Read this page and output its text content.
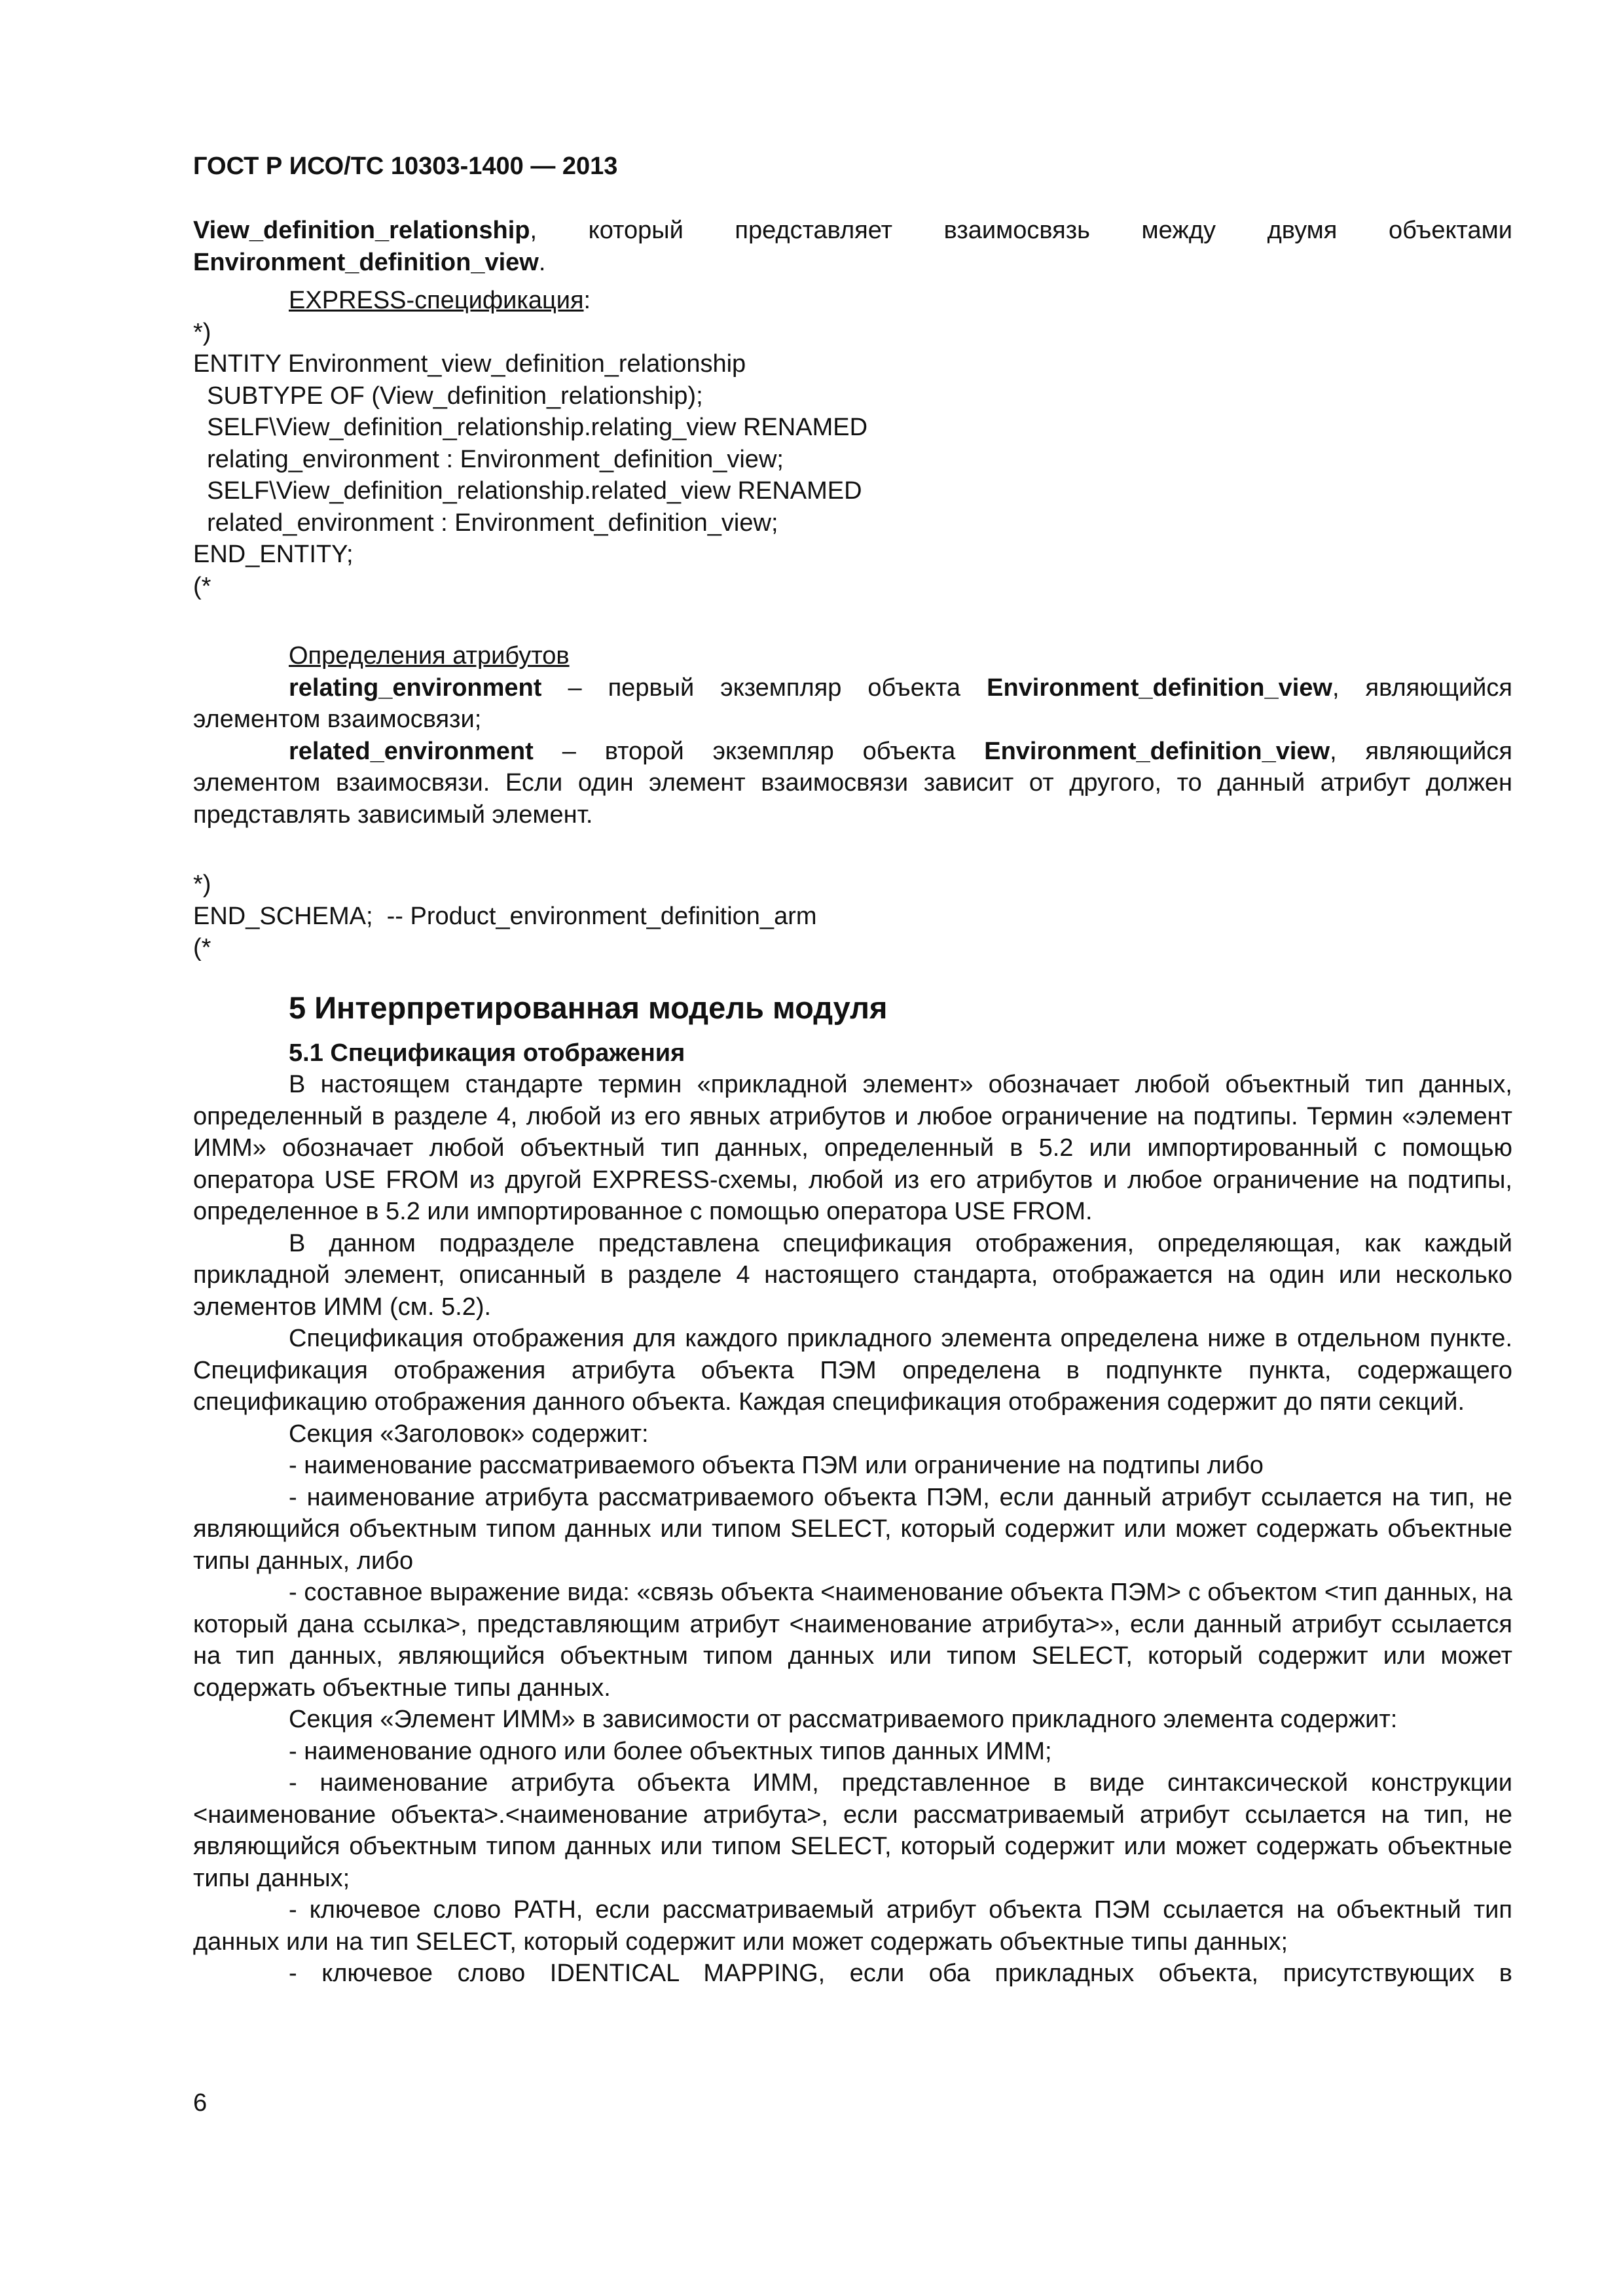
ГОСТ Р ИСО/ТС 10303-1400 — 2013

View_definition_relationship, который представляет взаимосвязь между двумя объектами Environment_definition_view.

EXPRESS-спецификация:

*)

ENTITY Environment_view_definition_relationship

SUBTYPE OF (View_definition_relationship);

SELF\View_definition_relationship.relating_view RENAMED

relating_environment : Environment_definition_view;

SELF\View_definition_relationship.related_view RENAMED

related_environment : Environment_definition_view;

END_ENTITY;

(*

Определения атрибутов

relating_environment – первый экземпляр объекта Environment_definition_view, являющийся элементом взаимосвязи;

related_environment – второй экземпляр объекта Environment_definition_view, являющийся элементом взаимосвязи. Если один элемент взаимосвязи зависит от другого, то данный атрибут должен представлять зависимый элемент.

*)

END_SCHEMA;  -- Product_environment_definition_arm

(*

5 Интерпретированная модель модуля
5.1 Спецификация отображения

В настоящем стандарте термин «прикладной элемент» обозначает любой объектный тип данных, определенный в разделе 4, любой из его явных атрибутов и любое ограничение на подтипы. Термин «элемент ИММ» обозначает любой объектный тип данных, определенный в 5.2 или импортированный с помощью оператора USE FROM из другой EXPRESS-схемы, любой из его атрибутов и любое ограничение на подтипы, определенное в 5.2 или импортированное с помощью оператора USE FROM.

В данном подразделе представлена спецификация отображения, определяющая, как каждый прикладной элемент, описанный в разделе 4 настоящего стандарта, отображается на один или несколько элементов ИММ (см. 5.2).

Спецификация отображения для каждого прикладного элемента определена ниже в отдельном пункте. Спецификация отображения атрибута объекта ПЭМ определена в подпункте пункта, содержащего спецификацию отображения данного объекта. Каждая спецификация отображения содержит до пяти секций.

Секция «Заголовок» содержит:

- наименование рассматриваемого объекта ПЭМ или ограничение на подтипы либо

- наименование атрибута рассматриваемого объекта ПЭМ, если данный атрибут ссылается на тип, не являющийся объектным типом данных или типом SELECT, который содержит или может содержать объектные типы данных, либо

- составное выражение вида: «связь объекта <наименование объекта ПЭМ> с объектом <тип данных, на который дана ссылка>, представляющим атрибут <наименование атрибута>», если данный атрибут ссылается на тип данных, являющийся объектным типом данных или типом SELECT, который содержит или может содержать объектные типы данных.

Секция «Элемент ИММ» в зависимости от рассматриваемого прикладного элемента содержит:

- наименование одного или более объектных типов данных ИММ;

- наименование атрибута объекта ИММ, представленное в виде синтаксической конструкции <наименование объекта>.<наименование атрибута>, если рассматриваемый атрибут ссылается на тип, не являющийся объектным типом данных или типом SELECT, который содержит или может содержать объектные типы данных;

- ключевое слово PATH, если рассматриваемый атрибут объекта ПЭМ ссылается на объектный тип данных или на тип SELECT, который содержит или может содержать объектные типы данных;

- ключевое слово IDENTICAL MAPPING, если оба прикладных объекта, присутствующих в

6
